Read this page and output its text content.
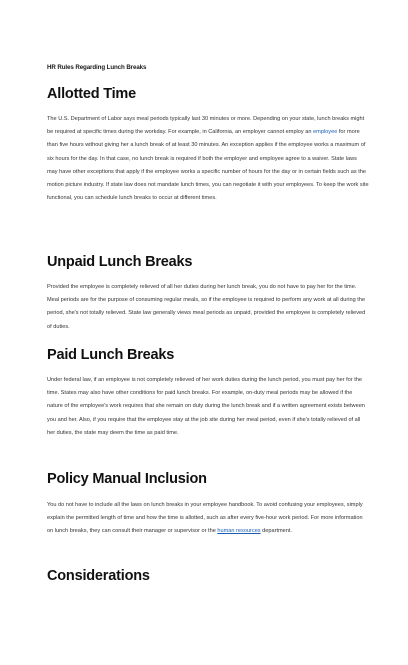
HR Rules Regarding Lunch Breaks
Allotted Time

The U.S. Department of Labor says meal periods typically last 30 minutes or more. Depending on your state, lunch breaks might be required at specific times during the workday. For example, in California, an employer cannot employ an employee for more than five hours without giving her a lunch break of at least 30 minutes. An exception applies if the employee works a maximum of six hours for the day. In that case, no lunch break is required if both the employer and employee agree to a waiver. State laws may have other exceptions that apply if the employee works a specific number of hours for the day or in certain fields such as the motion picture industry. If state law does not mandate lunch times, you can negotiate it with your employees. To keep the work site functional, you can schedule lunch breaks to occur at different times.

Unpaid Lunch Breaks

Provided the employee is completely relieved of all her duties during her lunch break, you do not have to pay her for the time. Meal periods are for the purpose of consuming regular meals, so if the employee is required to perform any work at all during the period, she's not totally relieved. State law generally views meal periods as unpaid, provided the employee is completely relieved of duties.

Paid Lunch Breaks

Under federal law, if an employee is not completely relieved of her work duties during the lunch period, you must pay her for the time. States may also have other conditions for paid lunch breaks. For example, on-duty meal periods may be allowed if the nature of the employee's work requires that she remain on duty during the lunch break and if a written agreement exists between you and her. Also, if you require that the employee stay at the job site during her meal period, even if she's totally relieved of all her duties, the state may deem the time as paid time.

Policy Manual Inclusion

You do not have to include all the laws on lunch breaks in your employee handbook. To avoid confusing your employees, simply explain the permitted length of time and how the time is allotted, such as after every five-hour work period. For more information on lunch breaks, they can consult their manager or supervisor or the human resources department.

Considerations
